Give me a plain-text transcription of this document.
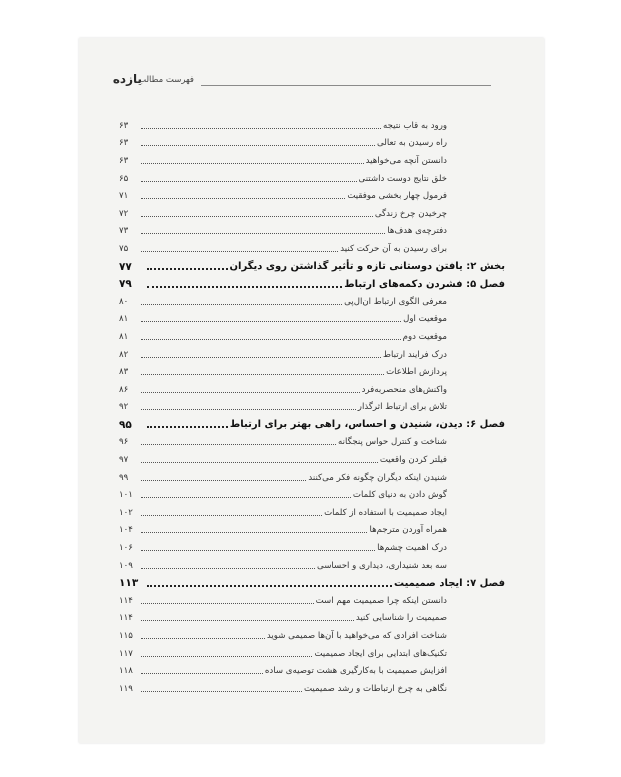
یازده
فهرست مطالب
ورود به قاب نتیجه
۶۳
راه رسیدن به تعالی
۶۳
دانستن آنچه می‌خواهید
۶۳
خلق نتایج دوست داشتنی
۶۵
فرمول چهار بخشی موفقیت
۷۱
چرخیدن چرخ زندگی
۷۲
دفترچه‌ی هدف‌ها
۷۳
برای رسیدن به آن حرکت کنید
۷۵
بخش ۲: یافتن دوستانی تازه و تأثیر گذاشتن روی دیگران
۷۷
فصل ۵: فشردن دکمه‌های ارتباط
۷۹
معرفی الگوی ارتباط ان‌ال‌پی
۸۰
موقعیت اول
۸۱
موقعیت دوم
۸۱
درک فرایند ارتباط
۸۲
پردازش اطلاعات
۸۳
واکنش‌های منحصربه‌فرد
۸۶
تلاش برای ارتباط اثرگذار
۹۲
فصل ۶: دیدن، شنیدن و احساس، راهی بهتر برای ارتباط
۹۵
شناخت و کنترل حواس پنجگانه
۹۶
فیلتر کردن واقعیت
۹۷
شنیدن اینکه دیگران چگونه فکر می‌کنند
۹۹
گوش دادن به دنیای کلمات
۱۰۱
ایجاد صمیمیت با استفاده از کلمات
۱۰۲
همراه آوردن مترجم‌ها
۱۰۴
درک اهمیت چشم‌ها
۱۰۶
سه بعد شنیداری، دیداری و احساسی
۱۰۹
فصل ۷: ایجاد صمیمیت
۱۱۳
دانستن اینکه چرا صمیمیت مهم است
۱۱۴
صمیمیت را شناسایی کنید
۱۱۴
شناخت افرادی که می‌خواهید با آن‌ها صمیمی شوید
۱۱۵
تکنیک‌های ابتدایی برای ایجاد صمیمیت
۱۱۷
افزایش صمیمیت با به‌کارگیری هشت توصیه‌ی ساده
۱۱۸
نگاهی به چرخ ارتباطات و رشد صمیمیت
۱۱۹
